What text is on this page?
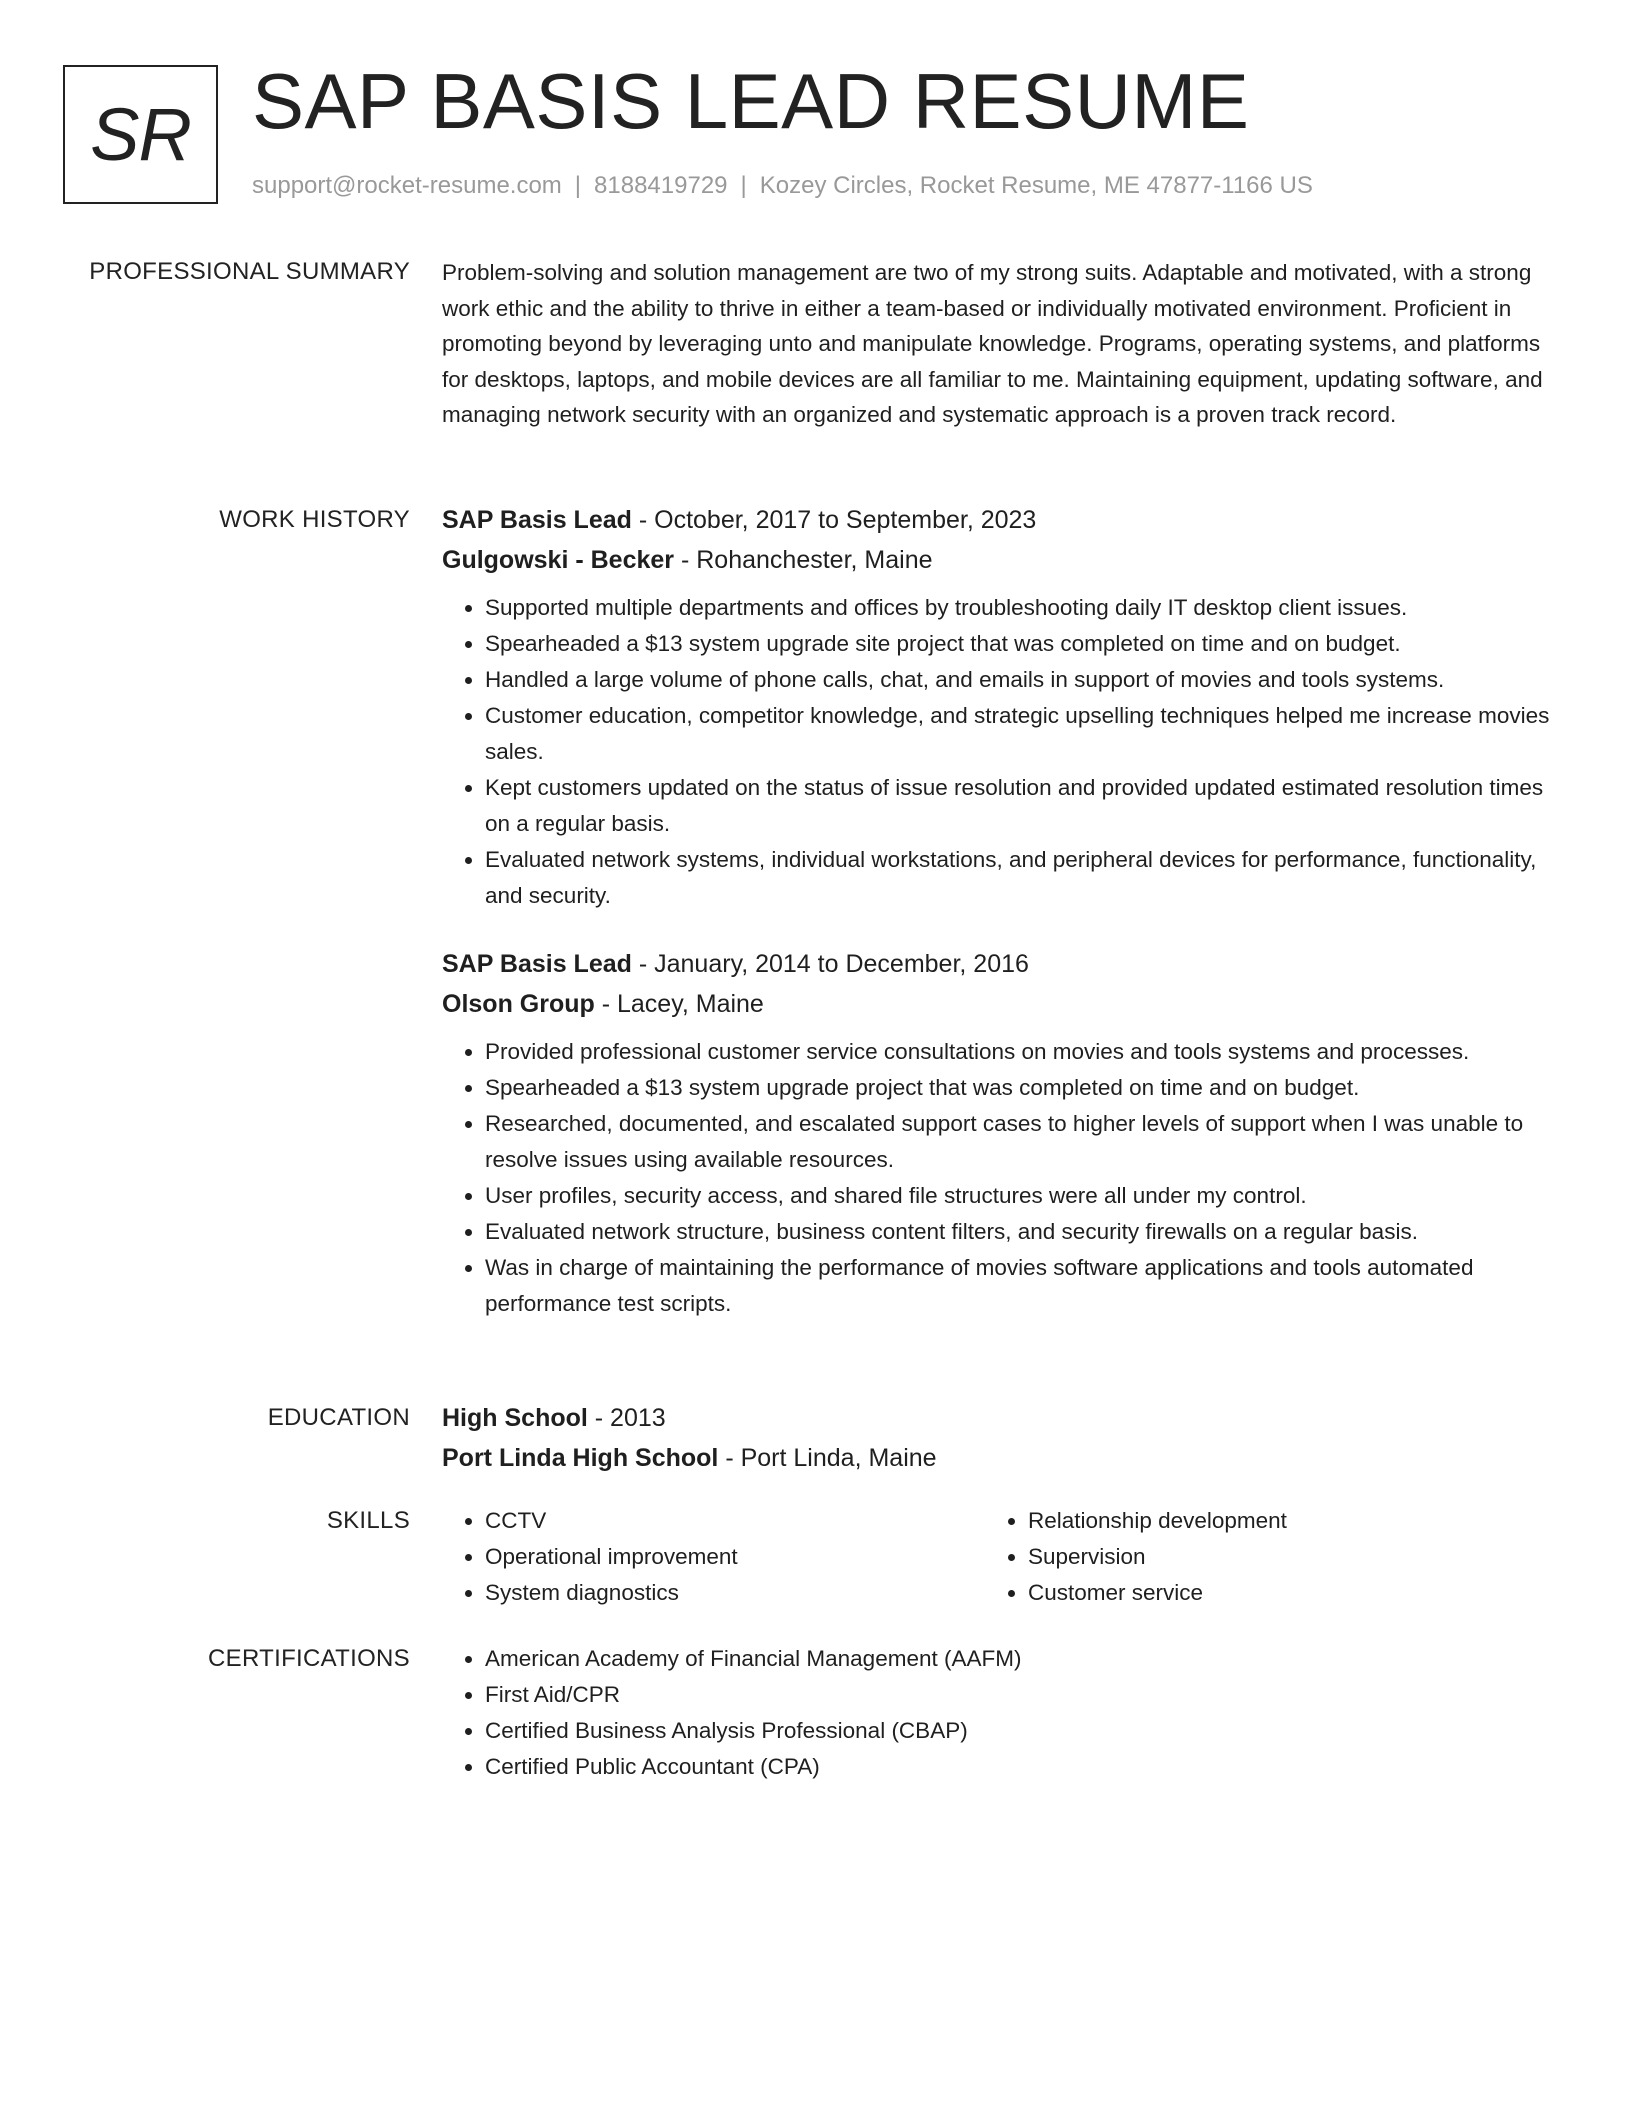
SR SAP BASIS LEAD RESUME
support@rocket-resume.com | 8188419729 | Kozey Circles, Rocket Resume, ME 47877-1166 US
PROFESSIONAL SUMMARY Problem-solving and solution management are two of my strong suits. Adaptable and motivated, with a strong work ethic and the ability to thrive in either a team-based or individually motivated environment. Proficient in promoting beyond by leveraging unto and manipulate knowledge. Programs, operating systems, and platforms for desktops, laptops, and mobile devices are all familiar to me. Maintaining equipment, updating software, and managing network security with an organized and systematic approach is a proven track record.

WORK HISTORY SAP Basis Lead - October, 2017 to September, 2023
Gulgowski - Becker - Rohanchester, Maine
• Supported multiple departments and offices by troubleshooting daily IT desktop client issues.
• Spearheaded a $13 system upgrade site project that was completed on time and on budget.
• Handled a large volume of phone calls, chat, and emails in support of movies and tools systems.
• Customer education, competitor knowledge, and strategic upselling techniques helped me increase movies sales.
• Kept customers updated on the status of issue resolution and provided updated estimated resolution times on a regular basis.
• Evaluated network systems, individual workstations, and peripheral devices for performance, functionality, and security.
SAP Basis Lead - January, 2014 to December, 2016
Olson Group - Lacey, Maine
• Provided professional customer service consultations on movies and tools systems and processes.
• Spearheaded a $13 system upgrade project that was completed on time and on budget.
• Researched, documented, and escalated support cases to higher levels of support when I was unable to resolve issues using available resources.
• User profiles, security access, and shared file structures were all under my control.
• Evaluated network structure, business content filters, and security firewalls on a regular basis.
• Was in charge of maintaining the performance of movies software applications and tools automated performance test scripts.
EDUCATION High School - 2013
Port Linda High School - Port Linda, Maine
SKILLS	• CCTV
• Operational improvement
• System diagnostics
• Relationship development
• Supervision
• Customer service
CERTIFICATIONS	• American Academy of Financial Management (AAFM)
• First Aid/CPR
• Certified Business Analysis Professional (CBAP)
• Certified Public Accountant (CPA)
